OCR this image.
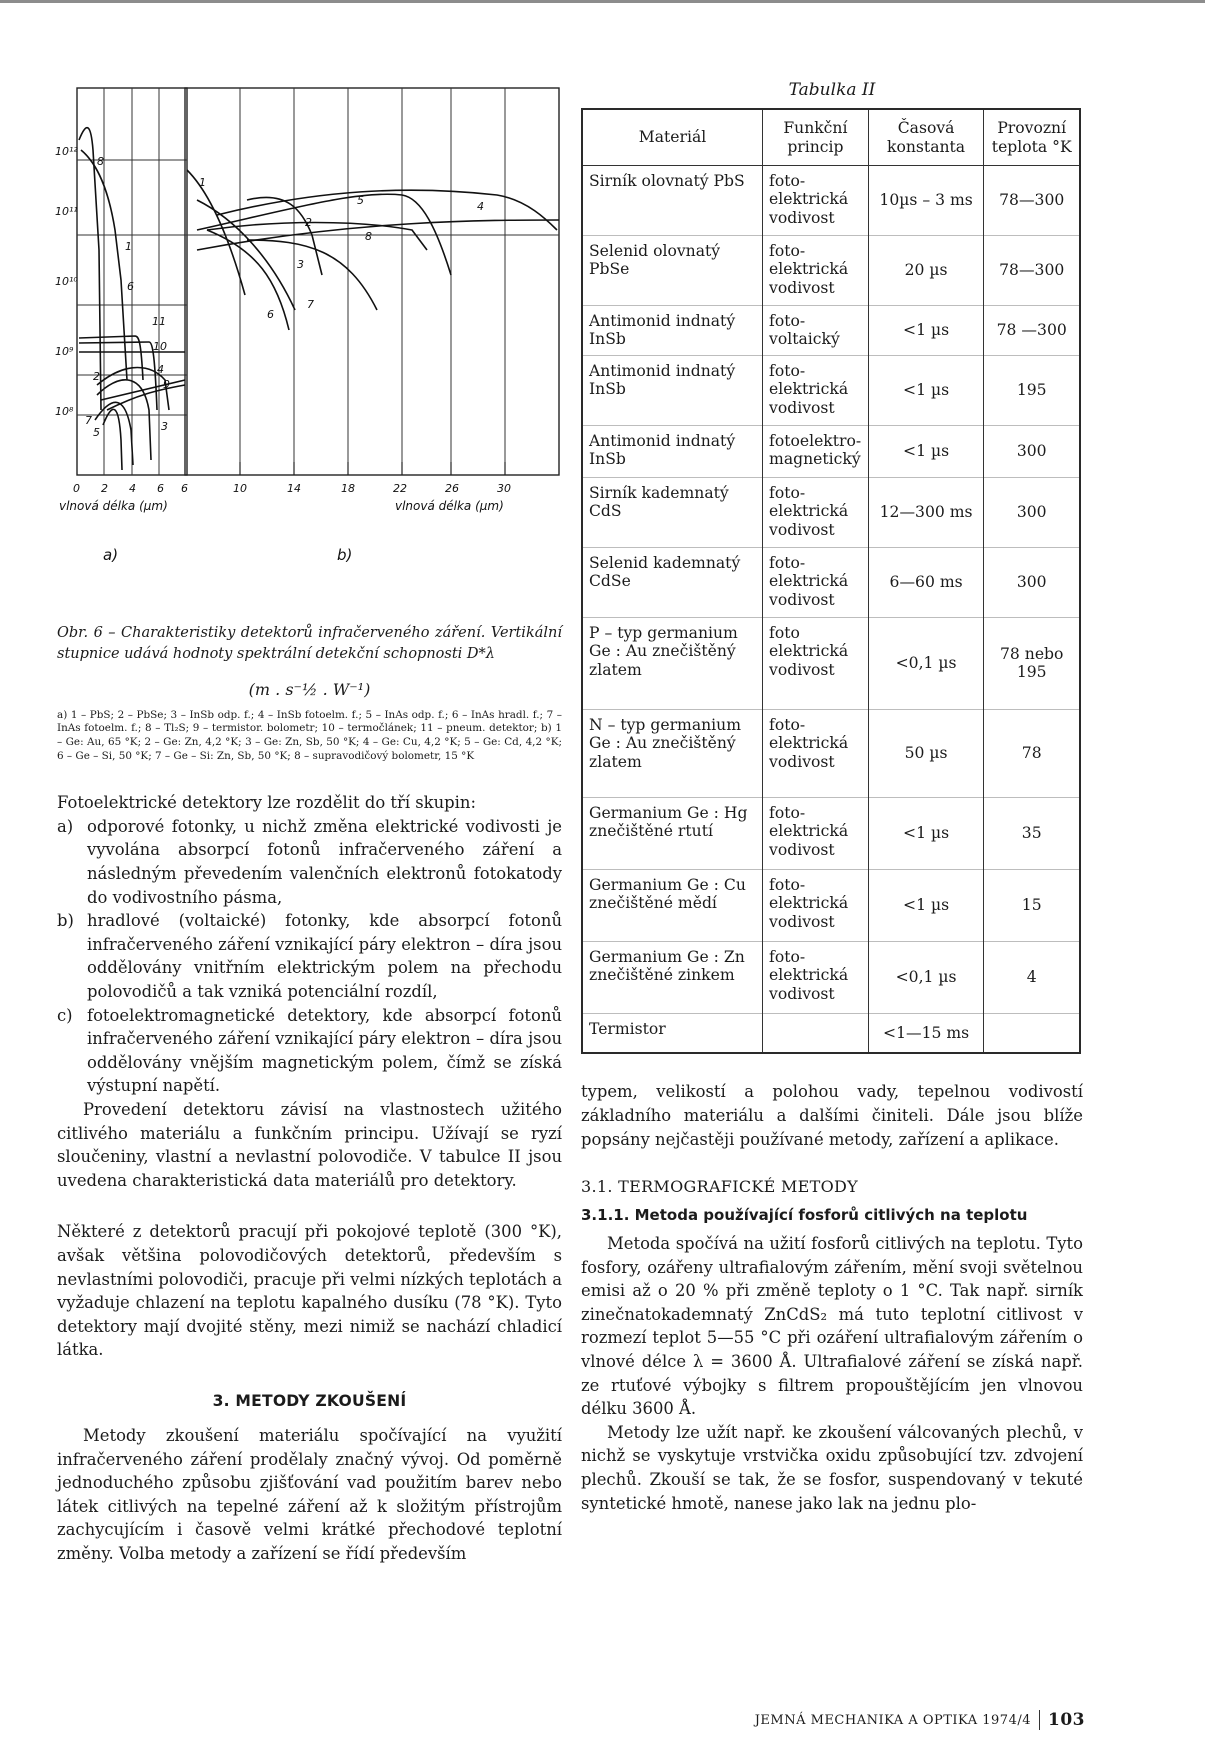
10¹²
10¹¹
10¹⁰
10⁹
10⁸
8
1
6
11
10
4
9
2
7
5	3
1
5	4
2
8
3
7
6
0 2 4 6 6	10	14	18	22	26	30
vlnová délka (µm)	vlnová délka (µm)
a)	b)

Obr. 6 – Charakteristiky detektorů infračerveného záření. Vertikální stupnice udává hodnoty spektrální detekční schopnosti D*λ

(m . s⁻½ . W⁻¹)

a) 1 – PbS; 2 – PbSe; 3 – InSb odp. f.; 4 – InSb fotoelm. f.; 5 – InAs odp. f.; 6 – InAs hradl. f.; 7 – InAs fotoelm. f.; 8 – Tl₂S; 9 – termistor. bolometr; 10 – termočlánek; 11 – pneum. detektor; b) 1 – Ge: Au, 65 °K; 2 – Ge: Zn, 4,2 °K; 3 – Ge: Zn, Sb, 50 °K; 4 – Ge: Cu, 4,2 °K; 5 – Ge: Cd, 4,2 °K; 6 – Ge – Si, 50 °K; 7 – Ge – Si: Zn, Sb, 50 °K; 8 – supravodičový bolometr, 15 °K

Fotoelektrické detektory lze rozdělit do tří skupin:

a) odporové fotonky, u nichž změna elektrické vodivosti je vyvolána absorpcí fotonů infračerveného záření a následným převedením valenčních elektronů fotokatody do vodivostního pásma,
b) hradlové (voltaické) fotonky, kde absorpcí fotonů infračerveného záření vznikající páry elektron – díra jsou oddělovány vnitřním elektrickým polem na přechodu polovodičů a tak vzniká potenciální rozdíl,
c) fotoelektromagnetické detektory, kde absorpcí fotonů infračerveného záření vznikající páry elektron – díra jsou oddělovány vnějším magnetickým polem, čímž se získá výstupní napětí.

Provedení detektoru závisí na vlastnostech užitého citlivého materiálu a funkčním principu. Užívají se ryzí sloučeniny, vlastní a nevlastní polovodiče. V tabulce II jsou uvedena charakteristická data materiálů pro detektory.

Některé z detektorů pracují při pokojové teplotě (300 °K), avšak většina polovodičových detektorů, především s nevlastními polovodiči, pracuje při velmi nízkých teplotách a vyžaduje chlazení na teplotu kapalného dusíku (78 °K). Tyto detektory mají dvojité stěny, mezi nimiž se nachází chladicí látka.

3. METODY ZKOUŠENÍ

Metody zkoušení materiálu spočívající na využití infračerveného záření prodělaly značný vývoj. Od poměrně jednoduchého způsobu zjišťování vad použitím barev nebo látek citlivých na tepelné záření až k složitým přístrojům zachycujícím i časově velmi krátké přechodové teplotní změny. Volba metody a zařízení se řídí především

Tabulka II
Materiál	Funkční princip	Časová konstanta	Provozní teplota °K
Sirník olovnatý PbS	foto-elektrická vodivost	10µs – 3 ms	78—300
Selenid olovnatý PbSe	foto-elektrická vodivost	20 µs	78—300
Antimonid indnatý InSb	foto-voltaický	<1 µs	78 —300
Antimonid indnatý InSb	foto-elektrická vodivost	<1 µs	195
Antimonid indnatý InSb	fotoelektro-magnetický	<1 µs	300
Sirník kademnatý CdS	foto-elektrická vodivost	12—300 ms	300
Selenid kademnatý CdSe	foto-elektrická vodivost	6—60 ms	300
P – typ germanium Ge : Au znečištěný zlatem	foto elektrická vodivost	<0,1 µs	78 nebo 195
N – typ germanium Ge : Au znečištěný zlatem	foto-elektrická vodivost	50 µs	78
Germanium Ge : Hg znečištěné rtutí	foto-elektrická vodivost	<1 µs	35
Germanium Ge : Cu znečištěné mědí	foto-elektrická vodivost	<1 µs	15
Germanium Ge : Zn znečištěné zinkem	foto-elektrická vodivost	<0,1 µs	4
Termistor		<1—15 ms	

typem, velikostí a polohou vady, tepelnou vodivostí základního materiálu a dalšími činiteli. Dále jsou blíže popsány nejčastěji používané metody, zařízení a aplikace.

3.1. TERMOGRAFICKÉ METODY
3.1.1. Metoda používající fosforů citlivých na teplotu

Metoda spočívá na užití fosforů citlivých na teplotu. Tyto fosfory, ozářeny ultrafialovým zářením, mění svoji světelnou emisi až o 20 % při změně teploty o 1 °C. Tak např. sirník zinečnatokademnatý ZnCdS₂ má tuto teplotní citlivost v rozmezí teplot 5—55 °C při ozáření ultrafialovým zářením o vlnové délce λ = 3600 Å. Ultrafialové záření se získá např. ze rtuťové výbojky s filtrem propouštějícím jen vlnovou délku 3600 Å.

Metody lze užít např. ke zkoušení válcovaných plechů, v nichž se vyskytuje vrstvička oxidu způsobující tzv. zdvojení plechů. Zkouší se tak, že se fosfor, suspendovaný v tekuté syntetické hmotě, nanese jako lak na jednu plo-

JEMNÁ MECHANIKA A OPTIKA 1974/4 103
